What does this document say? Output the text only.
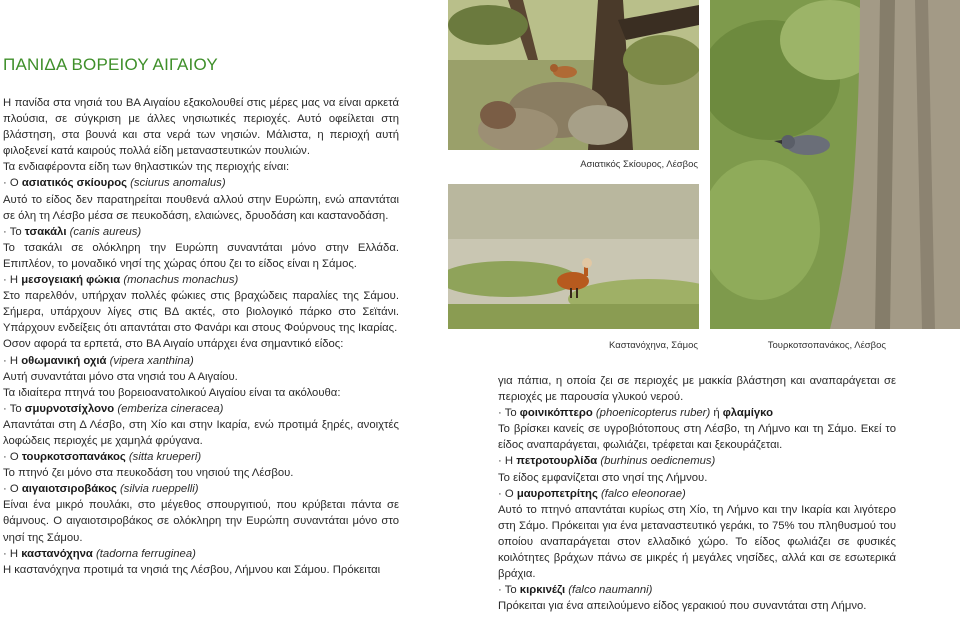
ΠΑΝΙΔΑ ΒΟΡΕΙΟΥ ΑΙΓΑΙΟΥ

Η πανίδα στα νησιά του ΒΑ Αιγαίου εξακολουθεί στις μέρες μας να είναι αρκετά πλούσια, σε σύγκριση με άλλες νησιωτικές περιοχές. Αυτό οφείλεται στη βλάστηση, στα βουνά και στα νερά των νησιών. Μάλιστα, η περιοχή αυτή φιλοξενεί κατά καιρούς πολλά είδη μεταναστευτικών πουλιών.

Τα ενδιαφέροντα είδη των θηλαστικών της περιοχής είναι:

· Ο ασιατικός σκίουρος (sciurus anomalus)

Αυτό το είδος δεν παρατηρείται πουθενά αλλού στην Ευρώπη, ενώ απαντάται σε όλη τη Λέσβο μέσα σε πευκοδάση, ελαιώνες, δρυοδάση και καστανοδάση.

· Το τσακάλι (canis aureus)

Το τσακάλι σε ολόκληρη την Ευρώπη συναντάται μόνο στην Ελλάδα. Επιπλέον, το μοναδικό νησί της χώρας όπου ζει το είδος είναι η Σάμος.

· Η μεσογειακή φώκια (monachus monachus)

Στο παρελθόν, υπήρχαν πολλές φώκιες στις βραχώδεις παραλίες της Σάμου. Σήμερα, υπάρχουν λίγες στις ΒΔ ακτές, στο βιολογικό πάρκο στο Σεϊτάνι. Υπάρχουν ενδείξεις ότι απαντάται στο Φανάρι και στους Φούρνους της Ικαρίας.

Οσον αφορά τα ερπετά, στο ΒΑ Αιγαίο υπάρχει ένα σημαντικό είδος:

· Η οθωμανική οχιά (vipera xanthina)

Αυτή συναντάται μόνο στα νησιά του Α Αιγαίου.

Τα ιδιαίτερα πτηνά του βορειοανατολικού Αιγαίου είναι τα ακόλουθα:

· Το σμυρνοτσίχλονο (emberiza cineracea)

Απαντάται στη Δ Λέσβο, στη Χίο και στην Ικαρία, ενώ προτιμά ξηρές, ανοιχτές λοφώδεις περιοχές με χαμηλά φρύγανα.

· Ο τουρκοτσοπανάκος (sitta krueperi)

Το πτηνό ζει μόνο στα πευκοδάση του νησιού της Λέσβου.

· Ο αιγαιοτσιροβάκος (silvia rueppelli)

Είναι ένα μικρό πουλάκι, στο μέγεθος σπουργιτιού, που κρύβεται πάντα σε θάμνους. Ο αιγαιοτσιροβάκος σε ολόκληρη την Ευρώπη συναντάται μόνο στο νησί της Σάμου.

· Η καστανόχηνα (tadorna ferruginea)

Η καστανόχηνα προτιμά τα νησιά της Λέσβου, Λήμνου και Σάμου. Πρόκειται

Ασιατικός Σκίουρος, Λέσβος
Καστανόχηνα, Σάμος	Τουρκοτσοπανάκος, Λέσβος

για πάπια, η οποία ζει σε περιοχές με μακκία βλάστηση και αναπαράγεται σε περιοχές με παρουσία γλυκού νερού.

· Το φοινικόπτερο (phoenicopterus ruber) ή φλαμίγκο

Το βρίσκει κανείς σε υγροβιότοπους στη Λέσβο, τη Λήμνο και τη Σάμο. Εκεί το είδος αναπαράγεται, φωλιάζει, τρέφεται και ξεκουράζεται.

· Η πετροτουρλίδα (burhinus oedicnemus)

Το είδος εμφανίζεται στο νησί της Λήμνου.

· Ο μαυροπετρίτης (falco eleonorae)

Αυτό το πτηνό απαντάται κυρίως στη Χίο, τη Λήμνο και την Ικαρία και λιγότερο στη Σάμο. Πρόκειται για ένα μεταναστευτικό γεράκι, το 75% του πληθυσμού του οποίου αναπαράγεται στον ελλαδικό χώρο. Το είδος φωλιάζει σε φυσικές κοιλότητες βράχων πάνω σε μικρές ή μεγάλες νησίδες, αλλά και σε εσωτερικά βράχια.

· Το κιρκινέζι (falco naumanni)

Πρόκειται για ένα απειλούμενο είδος γερακιού που συναντάται στη Λήμνο.
